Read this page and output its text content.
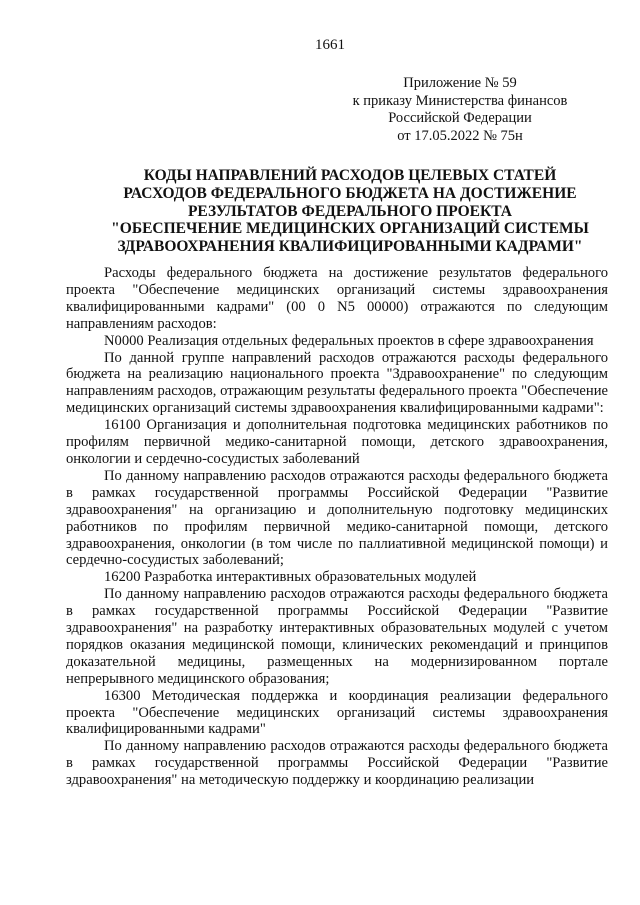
1661
Приложение № 59
к приказу Министерства финансов
Российской Федерации
от 17.05.2022 № 75н
КОДЫ НАПРАВЛЕНИЙ РАСХОДОВ ЦЕЛЕВЫХ СТАТЕЙ
РАСХОДОВ ФЕДЕРАЛЬНОГО БЮДЖЕТА НА ДОСТИЖЕНИЕ
РЕЗУЛЬТАТОВ ФЕДЕРАЛЬНОГО ПРОЕКТА
"ОБЕСПЕЧЕНИЕ МЕДИЦИНСКИХ ОРГАНИЗАЦИЙ СИСТЕМЫ
ЗДРАВООХРАНЕНИЯ КВАЛИФИЦИРОВАННЫМИ КАДРАМИ"

Расходы федерального бюджета на достижение результатов федерального проекта "Обеспечение медицинских организаций системы здравоохранения квалифицированными кадрами" (00 0 N5 00000) отражаются по следующим направлениям расходов:

N0000 Реализация отдельных федеральных проектов в сфере здравоохранения

По данной группе направлений расходов отражаются расходы федерального бюджета на реализацию национального проекта "Здравоохранение" по следующим направлениям расходов, отражающим результаты федерального проекта "Обеспечение медицинских организаций системы здравоохранения квалифицированными кадрами":

16100 Организация и дополнительная подготовка медицинских работников по профилям первичной медико-санитарной помощи, детского здравоохранения, онкологии и сердечно-сосудистых заболеваний

По данному направлению расходов отражаются расходы федерального бюджета в рамках государственной программы Российской Федерации "Развитие здравоохранения" на организацию и дополнительную подготовку медицинских работников по профилям первичной медико-санитарной помощи, детского здравоохранения, онкологии (в том числе по паллиативной медицинской помощи) и сердечно-сосудистых заболеваний;

16200 Разработка интерактивных образовательных модулей

По данному направлению расходов отражаются расходы федерального бюджета в рамках государственной программы Российской Федерации "Развитие здравоохранения" на разработку интерактивных образовательных модулей с учетом порядков оказания медицинской помощи, клинических рекомендаций и принципов доказательной медицины, размещенных на модернизированном портале непрерывного медицинского образования;

16300 Методическая поддержка и координация реализации федерального проекта "Обеспечение медицинских организаций системы здравоохранения квалифицированными кадрами"

По данному направлению расходов отражаются расходы федерального бюджета в рамках государственной программы Российской Федерации "Развитие здравоохранения" на методическую поддержку и координацию реализации
